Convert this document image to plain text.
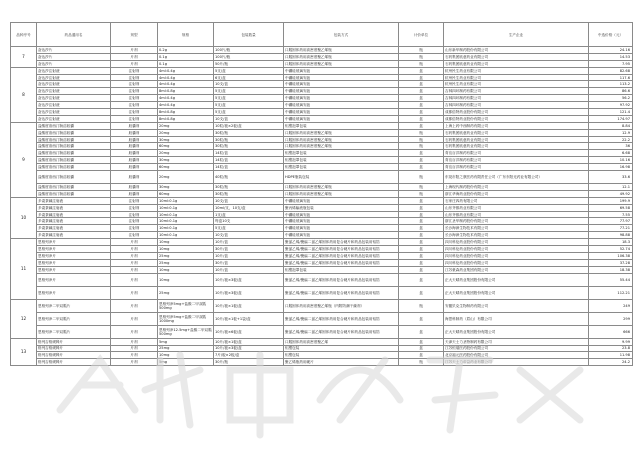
品种序号	药品通用名	剂型	规格	包装数量	包装方式	计价单位	生产企业	中选价格（元）
7	奋达莎片	片剂	0.2g	100片/瓶	口服固体药用高密度聚乙烯瓶	瓶	山东新华制药股份有限公司	24.16
	奋达莎片	片剂	0.1g	100片/瓶	口服固体药用高密度聚乙烯瓶	瓶	石药集团欧意药业有限公司	14.53
	奋达莎片	片剂	0.1g	50片/瓶	口服固体药用高密度聚乙烯瓶	瓶	石药集团欧意药业有限公司	7.95
8	奋达莎注射液	注射剂	4ml:0.4g	5支/盒	中硼硅玻璃安瓿	盒	杭州民生药业有限公司	82.68
	奋达莎注射液	注射剂	4ml:0.4g	6支/盒	中硼硅玻璃安瓿	盒	杭州民生药业有限公司	117.6
	奋达莎注射液	注射剂	4ml:0.4g	10支/盒	中硼硅玻璃安瓿	盒	杭州民生药业有限公司	113.2
	奋达莎注射液	注射剂	8ml:0.8g	5支/盒	中硼硅玻璃安瓿	盒	吉林四环制药有限公司	86.6
	奋达莎注射液	注射剂	4ml:0.4g	5支/盒	中硼硅玻璃安瓿	盒	吉林四环制药有限公司	56.2
	奋达莎注射液	注射剂	4ml:0.4g	5支/盒	中硼硅玻璃安瓿	盒	吉林四环制药有限公司	97.92
	奋达莎注射液	注射剂	8ml:0.8g	5支/盒	中硼硅玻璃安瓿	盒	成都倍特药业股份有限公司	121.4
	奋达莎注射液	注射剂	8ml:0.8g	10支/盒	中硼硅玻璃安瓿	盒	成都倍特药业股份有限公司	174.97
9	盐酸度洛西汀肠溶胶囊	胶囊剂	20mg	10粒/板×2板/盒	铝塑泡罩包装	盒	上海上药中西制药有限公司	8.84
	盐酸度洛西汀肠溶胶囊	胶囊剂	20mg	30粒/瓶	口服固体药用高密度聚乙烯瓶	瓶	石药集团欧意药业有限公司	12.9
	盐酸度洛西汀肠溶胶囊	胶囊剂	30mg	30粒/瓶	口服固体药用高密度聚乙烯瓶	瓶	石药集团欧意药业有限公司	22.2
	盐酸度洛西汀肠溶胶囊	胶囊剂	60mg	30粒/瓶	口服固体药用高密度聚乙烯瓶	瓶	石药集团欧意药业有限公司	36
	盐酸度洛西汀肠溶胶囊	胶囊剂	20mg	14粒/盒	铝塑泡罩包装	盒	青岛百洋制药有限公司	6.68
	盐酸度洛西汀肠溶胶囊	胶囊剂	30mg	14粒/盒	铝塑泡罩包装	盒	青岛百洋制药有限公司	10.16
	盐酸度洛西汀肠溶胶囊	胶囊剂	60mg	14粒/盒	铝塑泡罩包装	盒	青岛百洋制药有限公司	16.98
	盐酸度洛西汀肠溶胶囊	胶囊剂	20mg	40粒/瓶	HDPE瓶装包装	瓶	东莞市阳之康医药有限责任公司（广东东阳光药业有限公司）	33.6
	盐酸度洛西汀肠溶胶囊	胶囊剂	30mg	30粒/瓶	口服固体药用高密度聚乙烯瓶	瓶	上海现代制药股份有限公司	12.1
	盐酸度洛西汀肠溶胶囊	胶囊剂	60mg	30粒/瓶	口服固体药用高密度聚乙烯瓶	瓶	浙江华海药业股份有限公司	49.92
10	多索茶碱注射液	注射剂	10ml:0.1g	10支/盒	中硼硅玻璃安瓿	盒	石家庄四药有限公司	199.9
	多索茶碱注射液	注射剂	10ml:0.1g	10ml/支，10支/盒	聚丙烯输液瓶包装	盒	山东齐都药业有限公司	69.58
	多索茶碱注射液	注射剂	10ml:0.1g	1支/盒	中硼硅玻璃安瓿	盒	山东齐都药业有限公司	7.55
	多索茶碱注射液	注射剂	10ml:0.1g	每盒10支	中硼硅玻璃安瓿	盒	浙江圣华制药股份有限公司	77.97
	多索茶碱注射液	注射剂	10ml:0.1g	5支/盒	中硼硅玻璃安瓿	盒	长沙海润生物技术有限公司	77.21
	多索茶碱注射液	注射剂	10ml:0.1g	10支/盒	中硼硅玻璃安瓿	盒	长沙海润生物技术有限公司	98.88
11	恩格列净片	片剂	10mg	10片/盒	聚氯乙烯/聚偏二氯乙烯固体药用复合硬片和药品包装用铝箔	盒	四川科伦药业股份有限公司	18.3
	恩格列净片	片剂	10mg	30片/盒	聚氯乙烯/聚偏二氯乙烯固体药用复合硬片和药品包装用铝箔	盒	四川科伦药业股份有限公司	52.74
	恩格列净片	片剂	25mg	10片/盒	聚氯乙烯/聚偏二氯乙烯固体药用复合硬片和药品包装用铝箔	盒	四川科伦药业股份有限公司	106.38
	恩格列净片	片剂	25mg	30片/盒	聚氯乙烯/聚偏二氯乙烯固体药用复合硬片和药品包装用铝箔	盒	四川科伦药业股份有限公司	37.28
	恩格列净片	片剂	10mg	10片/盒	铝塑泡罩包装	盒	江苏豪森药业集团有限公司	18.38
	恩格列净片	片剂	10mg	10片/板×3板/盒	聚氯乙烯/聚偏二氯乙烯固体药用复合硬片和药品包装用铝箔	盒	正大天晴药业集团股份有限公司	55.44
	恩格列净片	片剂	25mg	10片/板×3板/盒	聚氯乙烯/聚偏二氯乙烯固体药用复合硬片和药品包装用铝箔	盒	正大天晴药业集团股份有限公司	112.21
12	恩格列净二甲双胍片	片剂	恩格列净5mg+盐酸二甲双胍500mg	10片/板×1板/盒	口服固体药用高密度聚乙烯瓶（内附防潮干燥剂）	瓶	安徽贝克生物制药有限公司	249
	恩格列净二甲双胍片	片剂	恩格列净5mg+盐酸二甲双胍1000mg	10片/板×1板+1袋/盒	聚氯乙烯/聚偏二氯乙烯固体药用复合硬片和药品包装用铝箔	盒	海思科制药（眉山）有限公司	299
	恩格列净二甲双胍片	片剂	恩格列净12.5mg+盐酸二甲双胍500mg	10片/板×6板/盒	聚氯乙烯/聚偏二氯乙烯固体药用复合硬片和药品包装用铝箔	盒	正大天晴药业集团股份有限公司	666
13	格列吉格缓释片	片剂	5mg	10片/板×1板/盒	口服固体药用高密度聚乙烯	盒	天津天士力圣特制药有限公司	9.99
	格列吉格缓释片	片剂	25mg	10片/板×3板/盒	铝塑包装	盒	江苏恒瑞医药股份有限公司	23.8
	格列吉格缓释片	片剂	10mg	7片/板×2板/盒	铝塑包装	盒	北京福元医药股份有限公司	11.98
	格列吉格缓释片	片剂	5mg	30片/瓶	聚乙烯瓶药用硬片	瓶	江苏天士力帝益药业有限公司	24.2
